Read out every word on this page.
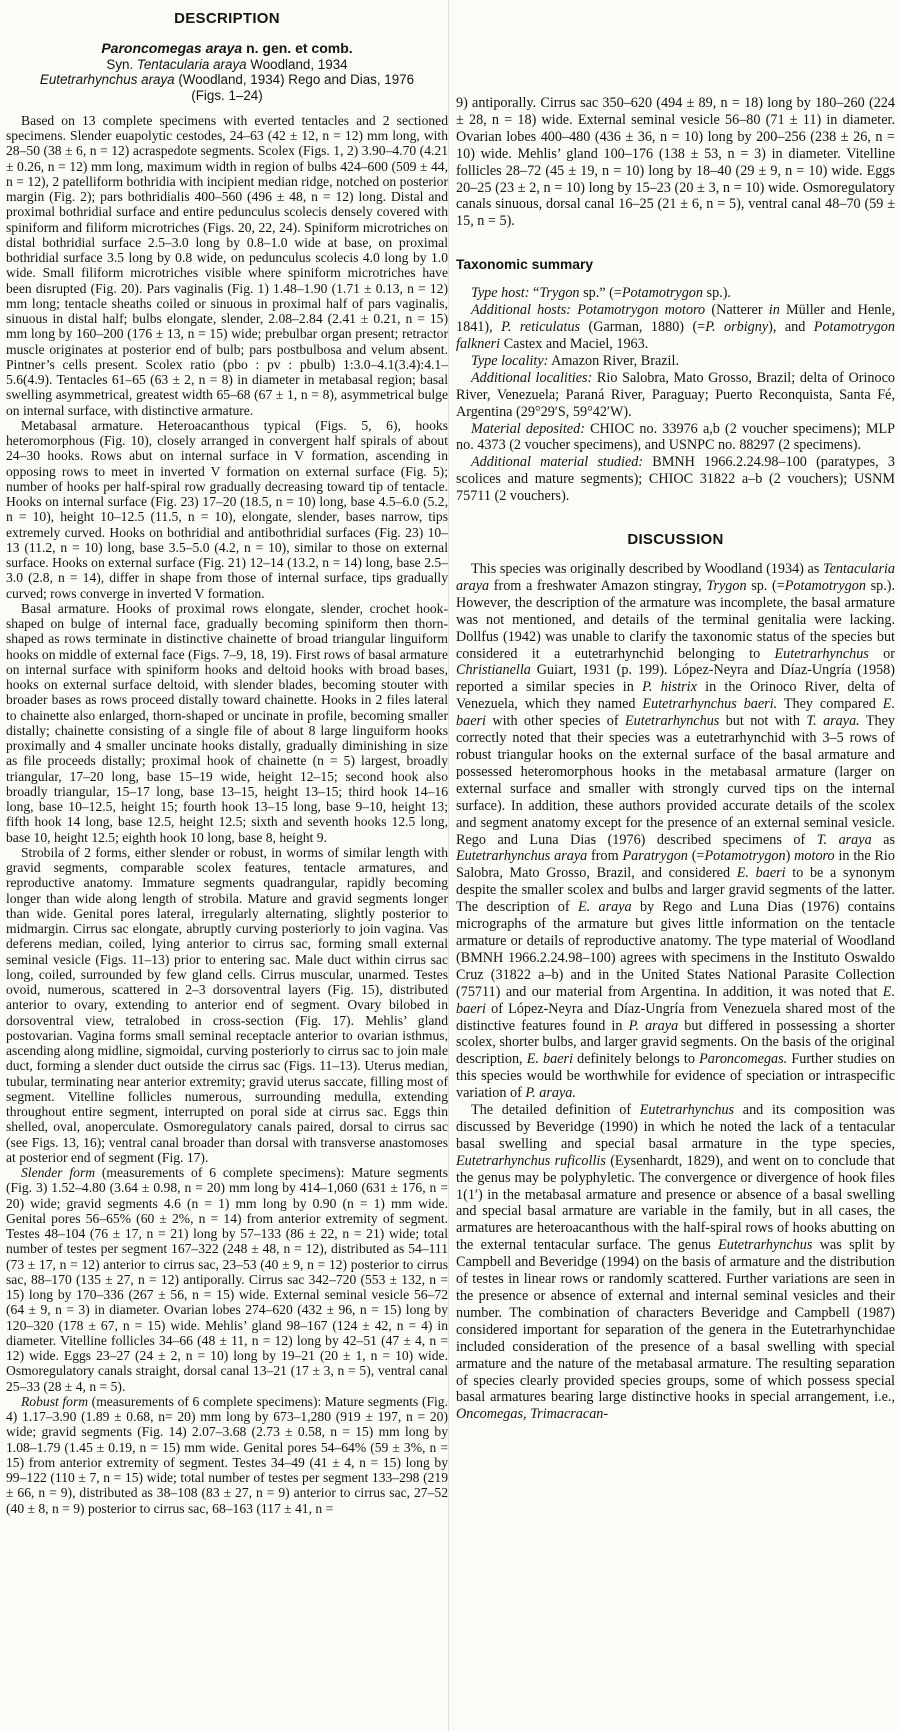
DESCRIPTION

Paroncomegas araya n. gen. et comb.

Syn. Tentacularia araya Woodland, 1934

Eutetrarhynchus araya (Woodland, 1934) Rego and Dias, 1976

(Figs. 1–24)

Based on 13 complete specimens with everted tentacles and 2 sectioned specimens. Slender euapolytic cestodes, 24–63 (42 ± 12, n = 12) mm long, with 28–50 (38 ± 6, n = 12) acraspedote segments. Scolex (Figs. 1, 2) 3.90–4.70 (4.21 ± 0.26, n = 12) mm long, maximum width in region of bulbs 424–600 (509 ± 44, n = 12), 2 patelliform bothridia with incipient median ridge, notched on posterior margin (Fig. 2); pars bothridialis 400–560 (496 ± 48, n = 12) long. Distal and proximal bothridial surface and entire pedunculus scolecis densely covered with spiniform and filiform microtriches (Figs. 20, 22, 24). Spiniform microtriches on distal bothridial surface 2.5–3.0 long by 0.8–1.0 wide at base, on proximal bothridial surface 3.5 long by 0.8 wide, on pedunculus scolecis 4.0 long by 1.0 wide. Small filiform microtriches visible where spiniform microtriches have been disrupted (Fig. 20). Pars vaginalis (Fig. 1) 1.48–1.90 (1.71 ± 0.13, n = 12) mm long; tentacle sheaths coiled or sinuous in proximal half of pars vaginalis, sinuous in distal half; bulbs elongate, slender, 2.08–2.84 (2.41 ± 0.21, n = 15) mm long by 160–200 (176 ± 13, n = 15) wide; prebulbar organ present; retractor muscle originates at posterior end of bulb; pars postbulbosa and velum absent. Pintner’s cells present. Scolex ratio (pbo : pv : pbulb) 1:3.0–4.1(3.4):4.1–5.6(4.9). Tentacles 61–65 (63 ± 2, n = 8) in diameter in metabasal region; basal swelling asymmetrical, greatest width 65–68 (67 ± 1, n = 8), asymmetrical bulge on internal surface, with distinctive armature.

Metabasal armature. Heteroacanthous typical (Figs. 5, 6), hooks heteromorphous (Fig. 10), closely arranged in convergent half spirals of about 24–30 hooks. Rows abut on internal surface in V formation, ascending in opposing rows to meet in inverted V formation on external surface (Fig. 5); number of hooks per half-spiral row gradually decreasing toward tip of tentacle. Hooks on internal surface (Fig. 23) 17–20 (18.5, n = 10) long, base 4.5–6.0 (5.2, n = 10), height 10–12.5 (11.5, n = 10), elongate, slender, bases narrow, tips extremely curved. Hooks on bothridial and antibothridial surfaces (Fig. 23) 10–13 (11.2, n = 10) long, base 3.5–5.0 (4.2, n = 10), similar to those on external surface. Hooks on external surface (Fig. 21) 12–14 (13.2, n = 14) long, base 2.5–3.0 (2.8, n = 14), differ in shape from those of internal surface, tips gradually curved; rows converge in inverted V formation.

Basal armature. Hooks of proximal rows elongate, slender, crochet hook-shaped on bulge of internal face, gradually becoming spiniform then thorn-shaped as rows terminate in distinctive chainette of broad triangular linguiform hooks on middle of external face (Figs. 7–9, 18, 19). First rows of basal armature on internal surface with spiniform hooks and deltoid hooks with broad bases, hooks on external surface deltoid, with slender blades, becoming stouter with broader bases as rows proceed distally toward chainette. Hooks in 2 files lateral to chainette also enlarged, thorn-shaped or uncinate in profile, becoming smaller distally; chainette consisting of a single file of about 8 large linguiform hooks proximally and 4 smaller uncinate hooks distally, gradually diminishing in size as file proceeds distally; proximal hook of chainette (n = 5) largest, broadly triangular, 17–20 long, base 15–19 wide, height 12–15; second hook also broadly triangular, 15–17 long, base 13–15, height 13–15; third hook 14–16 long, base 10–12.5, height 15; fourth hook 13–15 long, base 9–10, height 13; fifth hook 14 long, base 12.5, height 12.5; sixth and seventh hooks 12.5 long, base 10, height 12.5; eighth hook 10 long, base 8, height 9.

Strobila of 2 forms, either slender or robust, in worms of similar length with gravid segments, comparable scolex features, tentacle armatures, and reproductive anatomy. Immature segments quadrangular, rapidly becoming longer than wide along length of strobila. Mature and gravid segments longer than wide. Genital pores lateral, irregularly alternating, slightly posterior to midmargin. Cirrus sac elongate, abruptly curving posteriorly to join vagina. Vas deferens median, coiled, lying anterior to cirrus sac, forming small external seminal vesicle (Figs. 11–13) prior to entering sac. Male duct within cirrus sac long, coiled, surrounded by few gland cells. Cirrus muscular, unarmed. Testes ovoid, numerous, scattered in 2–3 dorsoventral layers (Fig. 15), distributed anterior to ovary, extending to anterior end of segment. Ovary bilobed in dorsoventral view, tetralobed in cross-section (Fig. 17). Mehlis’ gland postovarian. Vagina forms small seminal receptacle anterior to ovarian isthmus, ascending along midline, sigmoidal, curving posteriorly to cirrus sac to join male duct, forming a slender duct outside the cirrus sac (Figs. 11–13). Uterus median, tubular, terminating near anterior extremity; gravid uterus saccate, filling most of segment. Vitelline follicles numerous, surrounding medulla, extending throughout entire segment, interrupted on poral side at cirrus sac. Eggs thin shelled, oval, anoperculate. Osmoregulatory canals paired, dorsal to cirrus sac (see Figs. 13, 16); ventral canal broader than dorsal with transverse anastomoses at posterior end of segment (Fig. 17).

Slender form (measurements of 6 complete specimens): Mature segments (Fig. 3) 1.52–4.80 (3.64 ± 0.98, n = 20) mm long by 414–1,060 (631 ± 176, n = 20) wide; gravid segments 4.6 (n = 1) mm long by 0.90 (n = 1) mm wide. Genital pores 56–65% (60 ± 2%, n = 14) from anterior extremity of segment. Testes 48–104 (76 ± 17, n = 21) long by 57–133 (86 ± 22, n = 21) wide; total number of testes per segment 167–322 (248 ± 48, n = 12), distributed as 54–111 (73 ± 17, n = 12) anterior to cirrus sac, 23–53 (40 ± 9, n = 12) posterior to cirrus sac, 88–170 (135 ± 27, n = 12) antiporally. Cirrus sac 342–720 (553 ± 132, n = 15) long by 170–336 (267 ± 56, n = 15) wide. External seminal vesicle 56–72 (64 ± 9, n = 3) in diameter. Ovarian lobes 274–620 (432 ± 96, n = 15) long by 120–320 (178 ± 67, n = 15) wide. Mehlis’ gland 98–167 (124 ± 42, n = 4) in diameter. Vitelline follicles 34–66 (48 ± 11, n = 12) long by 42–51 (47 ± 4, n = 12) wide. Eggs 23–27 (24 ± 2, n = 10) long by 19–21 (20 ± 1, n = 10) wide. Osmoregulatory canals straight, dorsal canal 13–21 (17 ± 3, n = 5), ventral canal 25–33 (28 ± 4, n = 5).

Robust form (measurements of 6 complete specimens): Mature segments (Fig. 4) 1.17–3.90 (1.89 ± 0.68, n= 20) mm long by 673–1,280 (919 ± 197, n = 20) wide; gravid segments (Fig. 14) 2.07–3.68 (2.73 ± 0.58, n = 15) mm long by 1.08–1.79 (1.45 ± 0.19, n = 15) mm wide. Genital pores 54–64% (59 ± 3%, n = 15) from anterior extremity of segment. Testes 34–49 (41 ± 4, n = 15) long by 99–122 (110 ± 7, n = 15) wide; total number of testes per segment 133–298 (219 ± 66, n = 9), distributed as 38–108 (83 ± 27, n = 9) anterior to cirrus sac, 27–52 (40 ± 8, n = 9) posterior to cirrus sac, 68–163 (117 ± 41, n =

9) antiporally. Cirrus sac 350–620 (494 ± 89, n = 18) long by 180–260 (224 ± 28, n = 18) wide. External seminal vesicle 56–80 (71 ± 11) in diameter. Ovarian lobes 400–480 (436 ± 36, n = 10) long by 200–256 (238 ± 26, n = 10) wide. Mehlis’ gland 100–176 (138 ± 53, n = 3) in diameter. Vitelline follicles 28–72 (45 ± 19, n = 10) long by 18–40 (29 ± 9, n = 10) wide. Eggs 20–25 (23 ± 2, n = 10) long by 15–23 (20 ± 3, n = 10) wide. Osmoregulatory canals sinuous, dorsal canal 16–25 (21 ± 6, n = 5), ventral canal 48–70 (59 ± 15, n = 5).

Taxonomic summary

Type host: “Trygon sp.” (=Potamotrygon sp.).

Additional hosts: Potamotrygon motoro (Natterer in Müller and Henle, 1841), P. reticulatus (Garman, 1880) (=P. orbigny), and Potamotrygon falkneri Castex and Maciel, 1963.

Type locality: Amazon River, Brazil.

Additional localities: Rio Salobra, Mato Grosso, Brazil; delta of Orinoco River, Venezuela; Paraná River, Paraguay; Puerto Reconquista, Santa Fé, Argentina (29°29′S, 59°42′W).

Material deposited: CHIOC no. 33976 a,b (2 voucher specimens); MLP no. 4373 (2 voucher specimens), and USNPC no. 88297 (2 specimens).

Additional material studied: BMNH 1966.2.24.98–100 (paratypes, 3 scolices and mature segments); CHIOC 31822 a–b (2 vouchers); USNM 75711 (2 vouchers).

DISCUSSION

This species was originally described by Woodland (1934) as Tentacularia araya from a freshwater Amazon stingray, Trygon sp. (=Potamotrygon sp.). However, the description of the armature was incomplete, the basal armature was not mentioned, and details of the terminal genitalia were lacking. Dollfus (1942) was unable to clarify the taxonomic status of the species but considered it a eutetrarhynchid belonging to Eutetrarhynchus or Christianella Guiart, 1931 (p. 199). López-Neyra and Díaz-Ungría (1958) reported a similar species in P. histrix in the Orinoco River, delta of Venezuela, which they named Eutetrarhynchus baeri. They compared E. baeri with other species of Eutetrarhynchus but not with T. araya. They correctly noted that their species was a eutetrarhynchid with 3–5 rows of robust triangular hooks on the external surface of the basal armature and possessed heteromorphous hooks in the metabasal armature (larger on external surface and smaller with strongly curved tips on the internal surface). In addition, these authors provided accurate details of the scolex and segment anatomy except for the presence of an external seminal vesicle. Rego and Luna Dias (1976) described specimens of T. araya as Eutetrarhynchus araya from Paratrygon (=Potamotrygon) motoro in the Rio Salobra, Mato Grosso, Brazil, and considered E. baeri to be a synonym despite the smaller scolex and bulbs and larger gravid segments of the latter. The description of E. araya by Rego and Luna Dias (1976) contains micrographs of the armature but gives little information on the tentacle armature or details of reproductive anatomy. The type material of Woodland (BMNH 1966.2.24.98–100) agrees with specimens in the Instituto Oswaldo Cruz (31822 a–b) and in the United States National Parasite Collection (75711) and our material from Argentina. In addition, it was noted that E. baeri of López-Neyra and Díaz-Ungría from Venezuela shared most of the distinctive features found in P. araya but differed in possessing a shorter scolex, shorter bulbs, and larger gravid segments. On the basis of the original description, E. baeri definitely belongs to Paroncomegas. Further studies on this species would be worthwhile for evidence of speciation or intraspecific variation of P. araya.

The detailed definition of Eutetrarhynchus and its composition was discussed by Beveridge (1990) in which he noted the lack of a tentacular basal swelling and special basal armature in the type species, Eutetrarhynchus ruficollis (Eysenhardt, 1829), and went on to conclude that the genus may be polyphyletic. The convergence or divergence of hook files 1(1′) in the metabasal armature and presence or absence of a basal swelling and special basal armature are variable in the family, but in all cases, the armatures are heteroacanthous with the half-spiral rows of hooks abutting on the external tentacular surface. The genus Eutetrarhynchus was split by Campbell and Beveridge (1994) on the basis of armature and the distribution of testes in linear rows or randomly scattered. Further variations are seen in the presence or absence of external and internal seminal vesicles and their number. The combination of characters Beveridge and Campbell (1987) considered important for separation of the genera in the Eutetrarhynchidae included consideration of the presence of a basal swelling with special armature and the nature of the metabasal armature. The resulting separation of species clearly provided species groups, some of which possess special basal armatures bearing large distinctive hooks in special arrangement, i.e., Oncomegas, Trimacracan-
